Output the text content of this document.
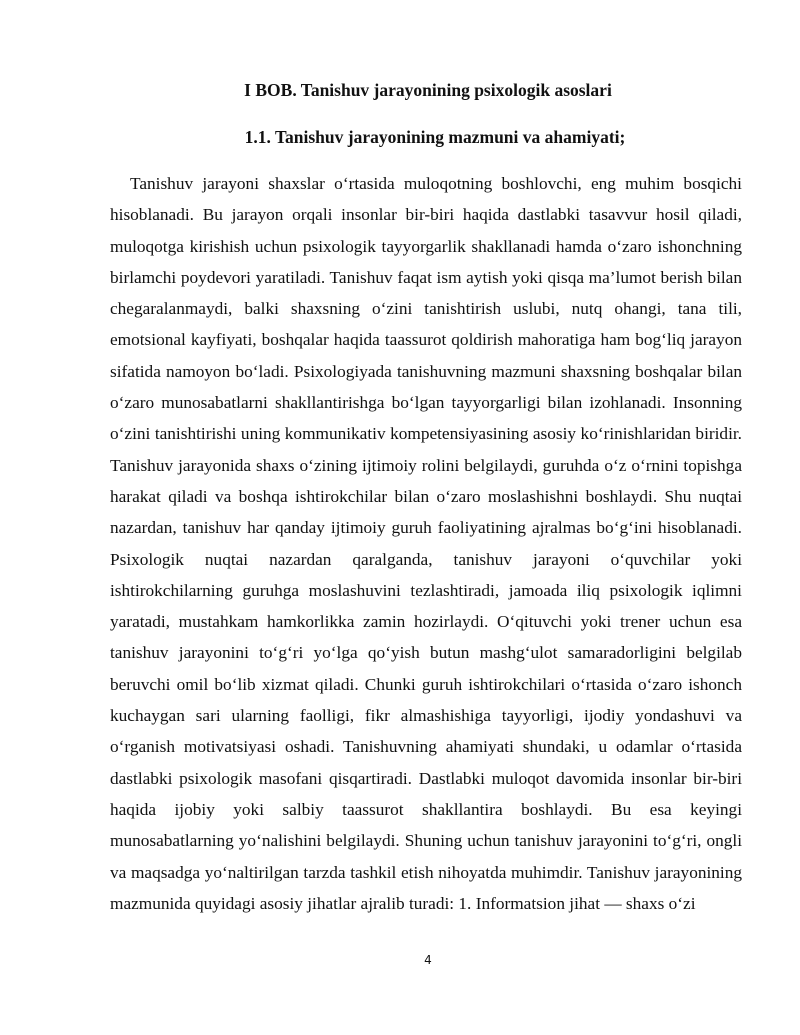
I BOB. Tanishuv jarayonining psixologik asoslari
1.1. Tanishuv jarayonining mazmuni va ahamiyati;

Tanishuv jarayoni shaxslar o‘rtasida muloqotning boshlovchi, eng muhim bosqichi hisoblanadi. Bu jarayon orqali insonlar bir-biri haqida dastlabki tasavvur hosil qiladi, muloqotga kirishish uchun psixologik tayyorgarlik shakllanadi hamda o‘zaro ishonchning birlamchi poydevori yaratiladi. Tanishuv faqat ism aytish yoki qisqa ma’lumot berish bilan chegaralanmaydi, balki shaxsning o‘zini tanishtirish uslubi, nutq ohangi, tana tili, emotsional kayfiyati, boshqalar haqida taassurot qoldirish mahoratiga ham bog‘liq jarayon sifatida namoyon bo‘ladi. Psixologiyada tanishuvning mazmuni shaxsning boshqalar bilan o‘zaro munosabatlarni shakllantirishga bo‘lgan tayyorgarligi bilan izohlanadi. Insonning o‘zini tanishtirishi uning kommunikativ kompetensiyasining asosiy ko‘rinishlaridan biridir. Tanishuv jarayonida shaxs o‘zining ijtimoiy rolini belgilaydi, guruhda o‘z o‘rnini topishga harakat qiladi va boshqa ishtirokchilar bilan o‘zaro moslashishni boshlaydi. Shu nuqtai nazardan, tanishuv har qanday ijtimoiy guruh faoliyatining ajralmas bo‘g‘ini hisoblanadi. Psixologik nuqtai nazardan qaralganda, tanishuv jarayoni o‘quvchilar yoki ishtirokchilarning guruhga moslashuvini tezlashtiradi, jamoada iliq psixologik iqlimni yaratadi, mustahkam hamkorlikka zamin hozirlaydi. O‘qituvchi yoki trener uchun esa tanishuv jarayonini to‘g‘ri yo‘lga qo‘yish butun mashg‘ulot samaradorligini belgilab beruvchi omil bo‘lib xizmat qiladi. Chunki guruh ishtirokchilari o‘rtasida o‘zaro ishonch kuchaygan sari ularning faolligi, fikr almashishiga tayyorligi, ijodiy yondashuvi va o‘rganish motivatsiyasi oshadi. Tanishuvning ahamiyati shundaki, u odamlar o‘rtasida dastlabki psixologik masofani qisqartiradi. Dastlabki muloqot davomida insonlar bir-biri haqida ijobiy yoki salbiy taassurot shakllantira boshlaydi. Bu esa keyingi munosabatlarning yo‘nalishini belgilaydi. Shuning uchun tanishuv jarayonini to‘g‘ri, ongli va maqsadga yo‘naltirilgan tarzda tashkil etish nihoyatda muhimdir. Tanishuv jarayonining mazmunida quyidagi asosiy jihatlar ajralib turadi: 1. Informatsion jihat — shaxs o‘zi

4
